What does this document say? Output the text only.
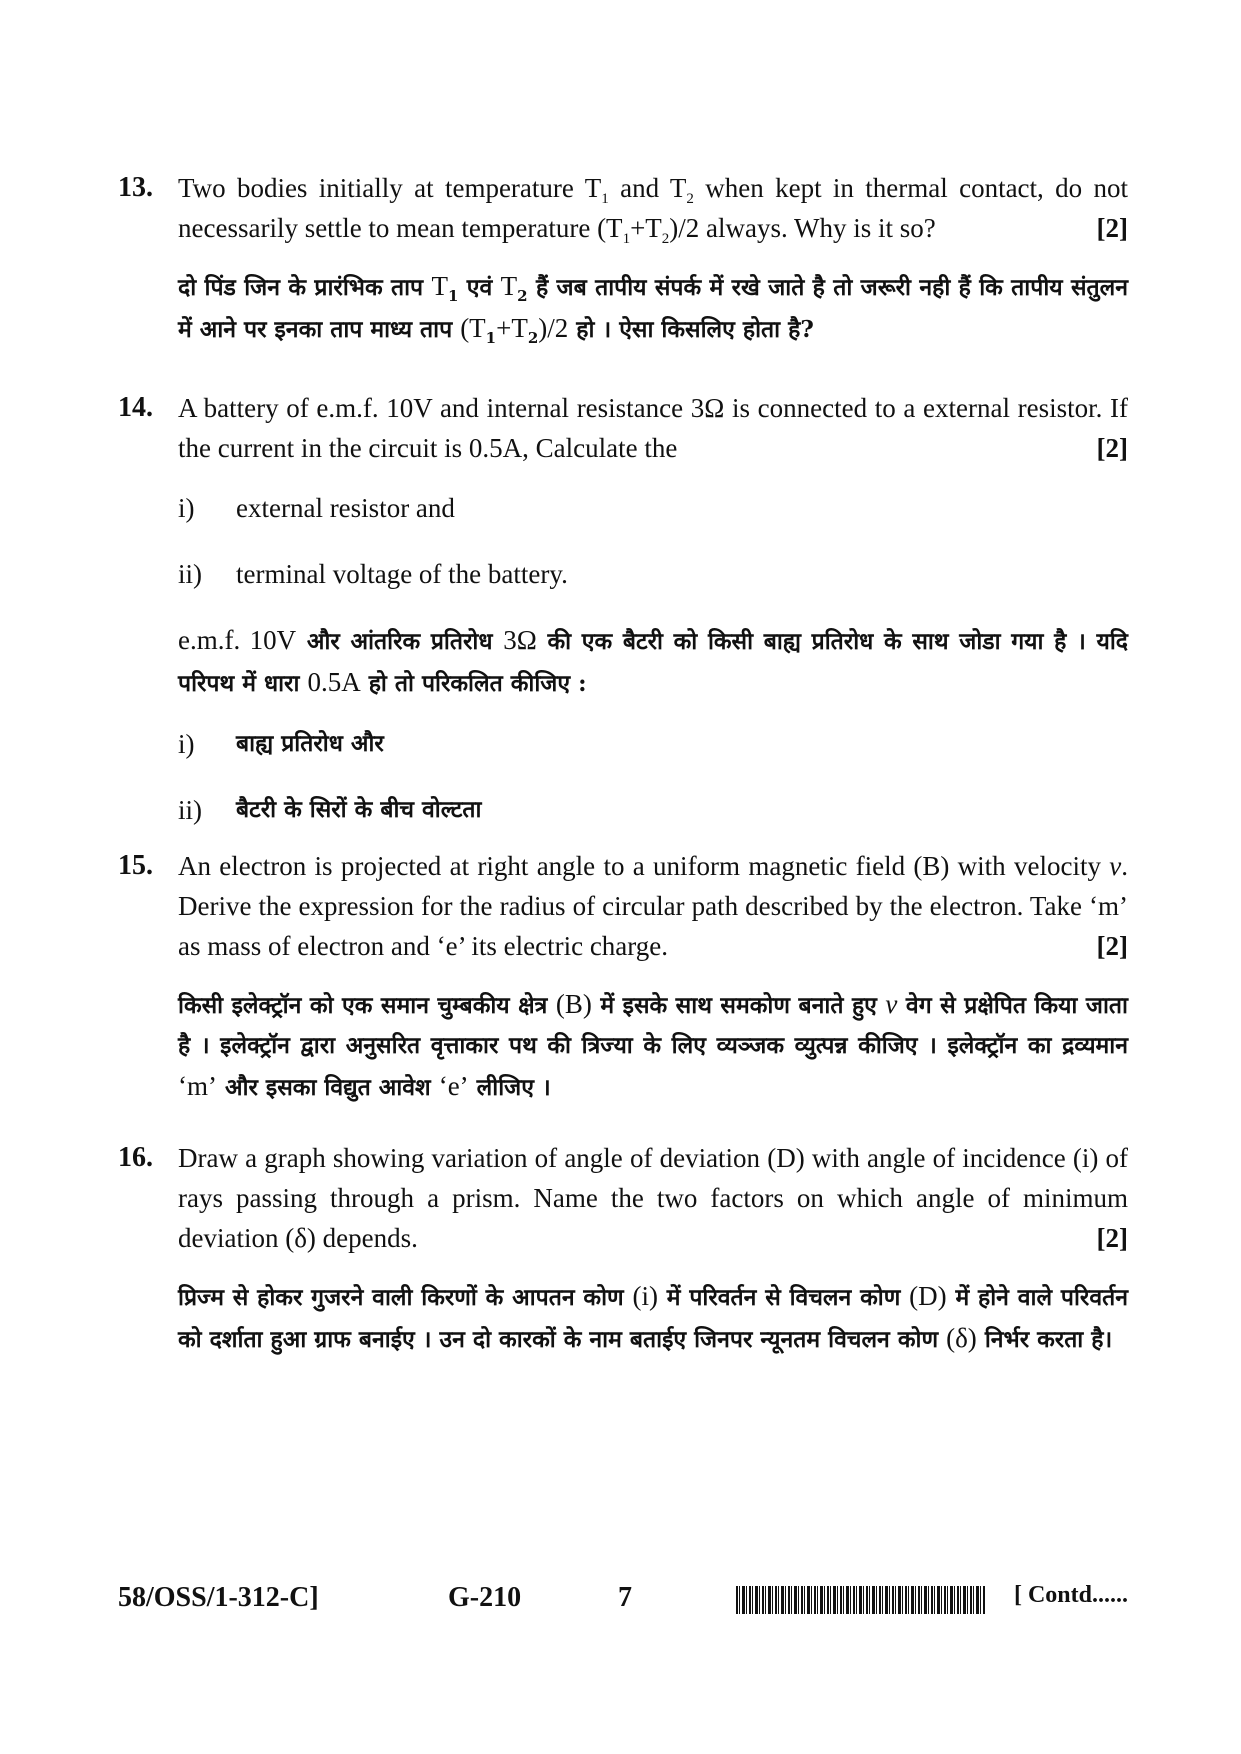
13. Two bodies initially at temperature $T_1$ and $T_2$ when kept in thermal contact, do not necessarily settle to mean temperature $(T_1+T_2)/2$ always. Why is it so?	[2]
दो पिंड जिन के प्रारंभिक ताप $T_1$ एवं $T_2$ हैं जब तापीय संपर्क में रखे जाते है तो जरूरी नही हैं कि तापीय संतुलन में आने पर इनका ताप माध्य ताप $(T_1+T_2)/2$ हो । ऐसा किसलिए होता है?
14. A battery of e.m.f. 10V and internal resistance 3Ω is connected to a external resistor. If the current in the circuit is 0.5A, Calculate the	[2]
i)	external resistor and
ii)	terminal voltage of the battery.
e.m.f. 10V और आंतरिक प्रतिरोध 3Ω की एक बैटरी को किसी बाह्य प्रतिरोध के साथ जोडा गया है । यदि परिपथ में धारा 0.5A हो तो परिकलित कीजिए :
i)	बाह्य प्रतिरोध और
ii)	बैटरी के सिरों के बीच वोल्टता
15. An electron is projected at right angle to a uniform magnetic field (B) with velocity v. Derive the expression for the radius of circular path described by the electron. Take ‘m’ as mass of electron and ‘e’ its electric charge.	[2]
किसी इलेक्ट्रॉन को एक समान चुम्बकीय क्षेत्र (B) में इसके साथ समकोण बनाते हुए v वेग से प्रक्षेपित किया जाता है । इलेक्ट्रॉन द्वारा अनुसरित वृत्ताकार पथ की त्रिज्या के लिए व्यञ्जक व्युत्पन्न कीजिए । इलेक्ट्रॉन का द्रव्यमान ‘m’ और इसका विद्युत आवेश ‘e’ लीजिए ।
16. Draw a graph showing variation of angle of deviation (D) with angle of incidence (i) of rays passing through a prism. Name the two factors on which angle of minimum deviation (δ) depends.	[2]
प्रिज्म से होकर गुजरने वाली किरणों के आपतन कोण (i) में परिवर्तन से विचलन कोण (D) में होने वाले परिवर्तन को दर्शाता हुआ ग्राफ बनाईए । उन दो कारकों के नाम बताईए जिनपर न्यूनतम विचलन कोण (δ) निर्भर करता है।
58/OSS/1-312-C]	G-210	7	[ Contd......
